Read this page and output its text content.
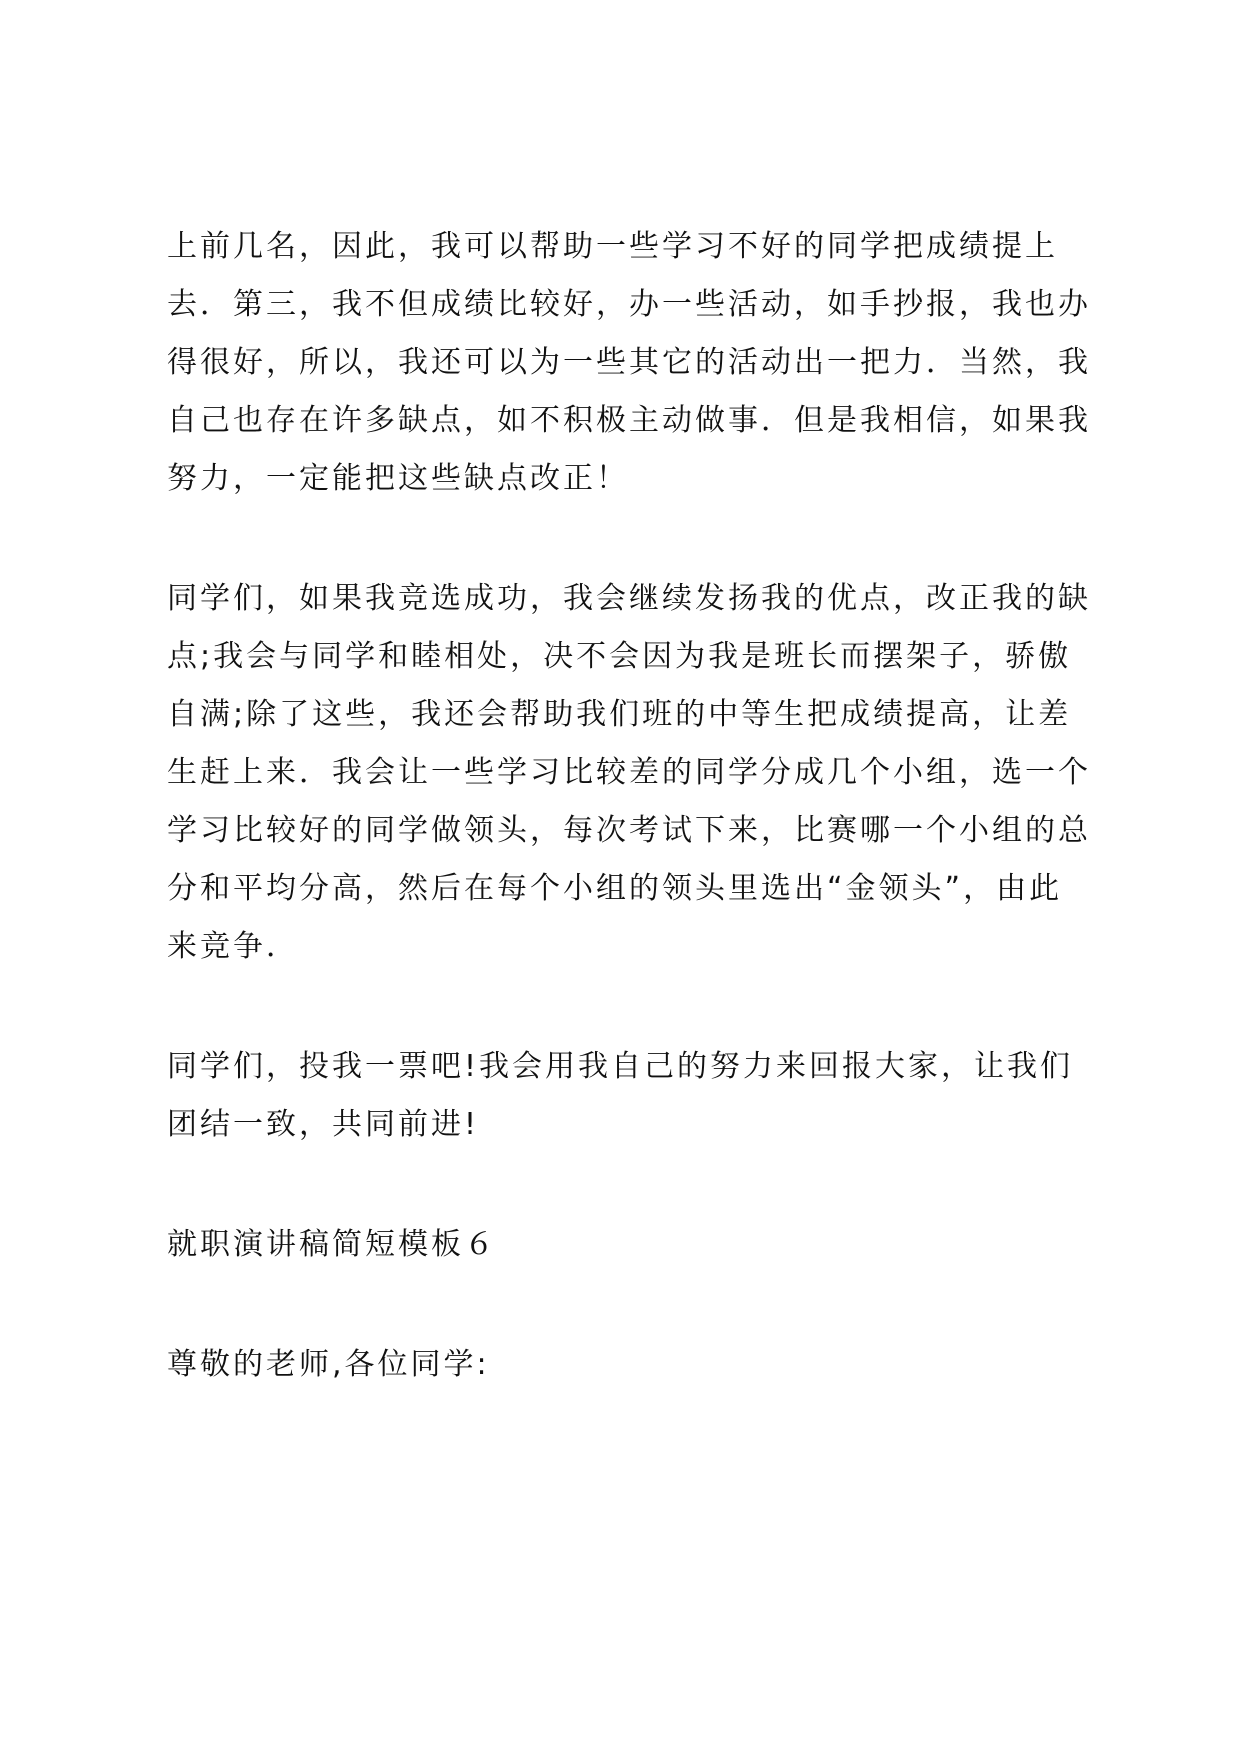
上前几名，因此，我可以帮助一些学习不好的同学把成绩提上
去．第三，我不但成绩比较好，办一些活动，如手抄报，我也办
得很好，所以，我还可以为一些其它的活动出一把力．当然，我
自己也存在许多缺点，如不积极主动做事．但是我相信，如果我
努力，一定能把这些缺点改正！
同学们，如果我竞选成功，我会继续发扬我的优点，改正我的缺
点;我会与同学和睦相处，决不会因为我是班长而摆架子，骄傲
自满;除了这些，我还会帮助我们班的中等生把成绩提高，让差
生赶上来．我会让一些学习比较差的同学分成几个小组，选一个
学习比较好的同学做领头，每次考试下来，比赛哪一个小组的总
分和平均分高，然后在每个小组的领头里选出“金领头”，由此
来竞争．
同学们，投我一票吧!我会用我自己的努力来回报大家，让我们
团结一致，共同前进!
就职演讲稿简短模板６
尊敬的老师,各位同学:
